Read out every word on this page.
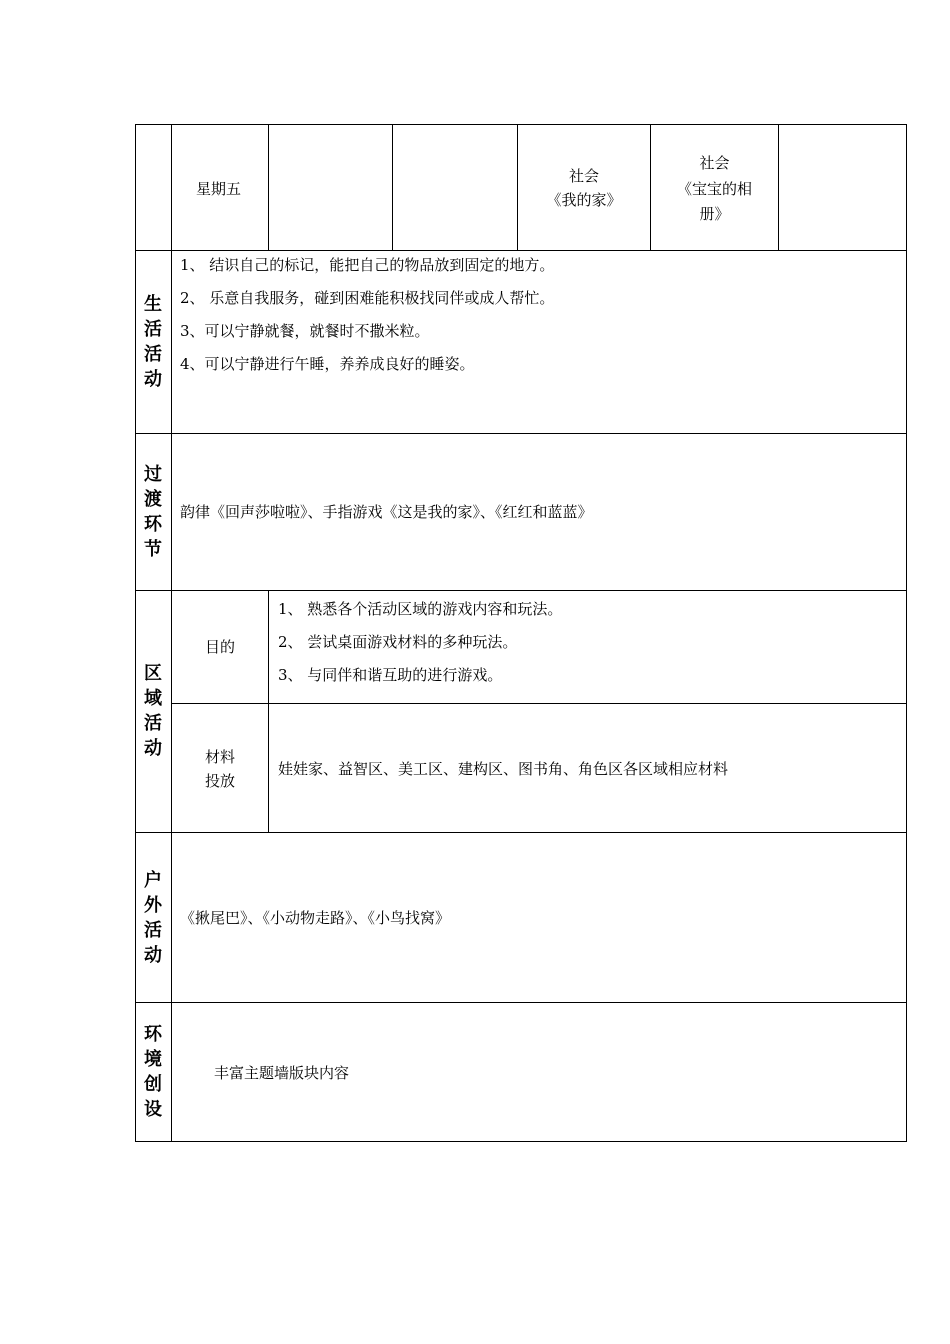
星期五
社会
《我的家》
社会
《宝宝的相
册》
生
活
活
动
1、 结识自己的标记，能把自己的物品放到固定的地方。
2、 乐意自我服务，碰到困难能积极找同伴或成人帮忙。
3、可以宁静就餐，就餐时不撒米粒。
4、可以宁静进行午睡，养养成良好的睡姿。
过
渡
环
节
韵律《回声莎啦啦》、手指游戏《这是我的家》、《红红和蓝蓝》
区
域
活
动
目的
1、 熟悉各个活动区域的游戏内容和玩法。
2、 尝试桌面游戏材料的多种玩法。
3、 与同伴和谐互助的进行游戏。
材料
投放
娃娃家、益智区、美工区、建构区、图书角、角色区各区域相应材料
户
外
活
动
《揪尾巴》、《小动物走路》、《小鸟找窝》
环
境
创
设
丰富主题墙版块内容
